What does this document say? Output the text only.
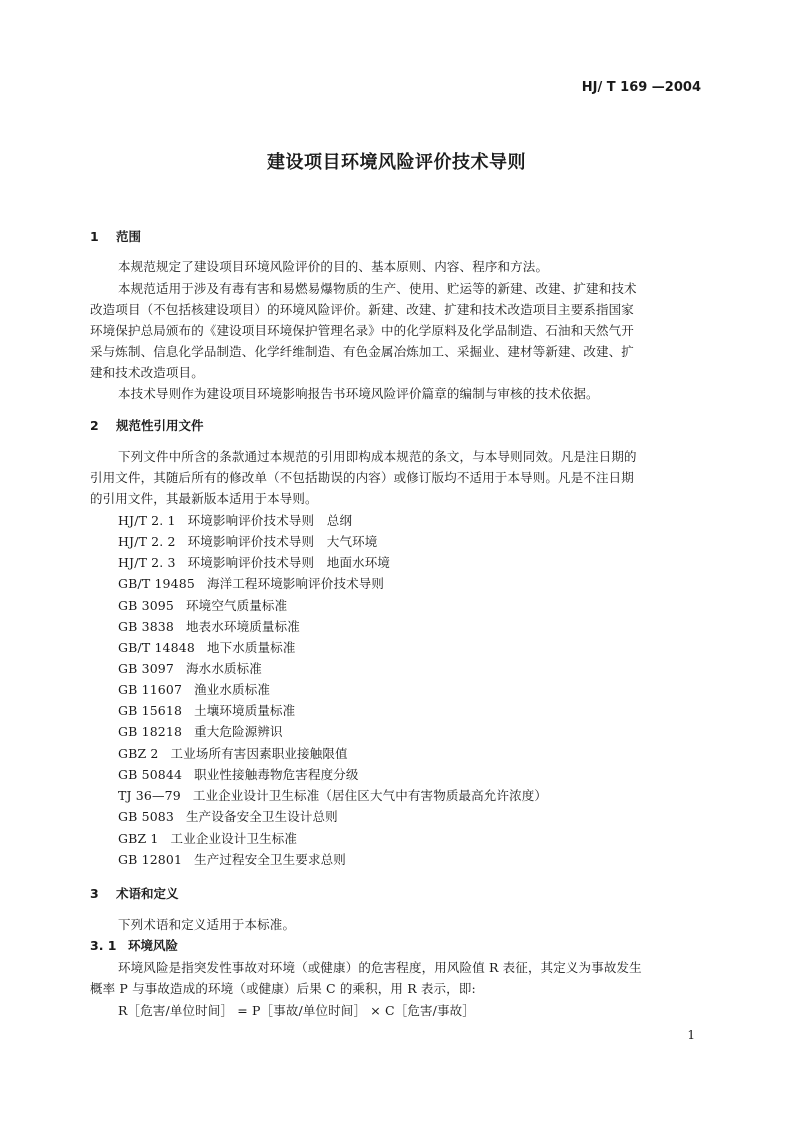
HJ/ T 169 —2004
建设项目环境风险评价技术导则
1 范围
本规范规定了建设项目环境风险评价的目的、基本原则、内容、程序和方法。
本规范适用于涉及有毒有害和易燃易爆物质的生产、使用、贮运等的新建、改建、扩建和技术
改造项目（不包括核建设项目）的环境风险评价。新建、改建、扩建和技术改造项目主要系指国家
环境保护总局颁布的《建设项目环境保护管理名录》中的化学原料及化学品制造、石油和天然气开
采与炼制、信息化学品制造、化学纤维制造、有色金属冶炼加工、采掘业、建材等新建、改建、扩
建和技术改造项目。
本技术导则作为建设项目环境影响报告书环境风险评价篇章的编制与审核的技术依据。
2 规范性引用文件
下列文件中所含的条款通过本规范的引用即构成本规范的条文，与本导则同效。凡是注日期的
引用文件，其随后所有的修改单（不包括勘误的内容）或修订版均不适用于本导则。凡是不注日期
的引用文件，其最新版本适用于本导则。
HJ/T 2. 1 环境影响评价技术导则　总纲
HJ/T 2. 2 环境影响评价技术导则　大气环境
HJ/T 2. 3 环境影响评价技术导则　地面水环境
GB/T 19485 海洋工程环境影响评价技术导则
GB 3095 环境空气质量标准
GB 3838 地表水环境质量标准
GB/T 14848 地下水质量标准
GB 3097 海水水质标准
GB 11607 渔业水质标准
GB 15618 土壤环境质量标准
GB 18218 重大危险源辨识
GBZ 2 工业场所有害因素职业接触限值
GB 50844 职业性接触毒物危害程度分级
TJ 36—79 工业企业设计卫生标准（居住区大气中有害物质最高允许浓度）
GB 5083 生产设备安全卫生设计总则
GBZ 1 工业企业设计卫生标准
GB 12801 生产过程安全卫生要求总则
3 术语和定义
下列术语和定义适用于本标准。
3. 1 环境风险
环境风险是指突发性事故对环境（或健康）的危害程度，用风险值 R 表征，其定义为事故发生
概率 P 与事故造成的环境（或健康）后果 C 的乘积，用 R 表示，即:
R［危害/单位时间］ = P［事故/单位时间］ × C［危害/事故］
1
